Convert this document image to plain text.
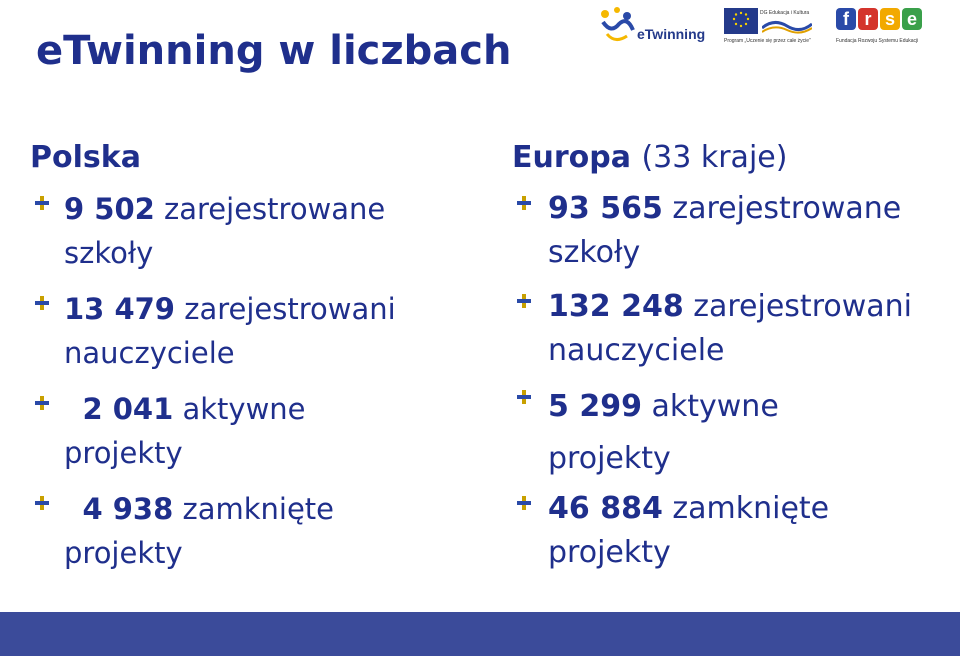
eTwinning w liczbach	eTwinning
DG Edukacja i Kultura
Program „Uczenie się przez całe życie”
f r s e
Fundacja Rozwoju Systemu Edukacji
Polska
9 502 zarejestrowane
szkoły
13 479 zarejestrowani
nauczyciele
2 041 aktywne
projekty
4 938 zamknięte
projekty
Europa (33 kraje)
93 565 zarejestrowane
szkoły
132 248 zarejestrowani
nauczyciele
5 299 aktywne
projekty
46 884 zamknięte
projekty
